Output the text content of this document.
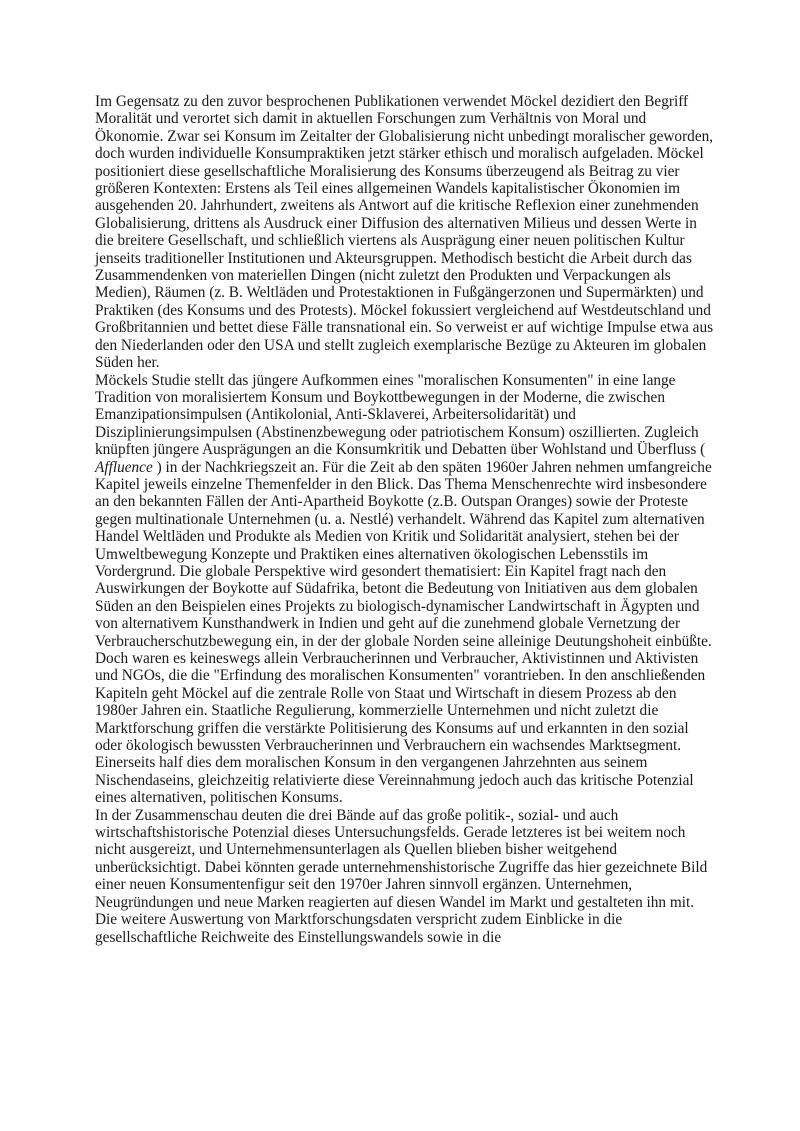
Im Gegensatz zu den zuvor besprochenen Publikationen verwendet Möckel dezidiert den Begriff Moralität und verortet sich damit in aktuellen Forschungen zum Verhältnis von Moral und Ökonomie. Zwar sei Konsum im Zeitalter der Globalisierung nicht unbedingt moralischer geworden, doch wurden individuelle Konsumpraktiken jetzt stärker ethisch und moralisch aufgeladen. Möckel positioniert diese gesellschaftliche Moralisierung des Konsums überzeugend als Beitrag zu vier größeren Kontexten: Erstens als Teil eines allgemeinen Wandels kapitalistischer Ökonomien im ausgehenden 20. Jahrhundert, zweitens als Antwort auf die kritische Reflexion einer zunehmenden Globalisierung, drittens als Ausdruck einer Diffusion des alternativen Milieus und dessen Werte in die breitere Gesellschaft, und schließlich viertens als Ausprägung einer neuen politischen Kultur jenseits traditioneller Institutionen und Akteursgruppen. Methodisch besticht die Arbeit durch das Zusammendenken von materiellen Dingen (nicht zuletzt den Produkten und Verpackungen als Medien), Räumen (z. B. Weltläden und Protestaktionen in Fußgängerzonen und Supermärkten) und Praktiken (des Konsums und des Protests). Möckel fokussiert vergleichend auf Westdeutschland und Großbritannien und bettet diese Fälle transnational ein. So verweist er auf wichtige Impulse etwa aus den Niederlanden oder den USA und stellt zugleich exemplarische Bezüge zu Akteuren im globalen Süden her.

Möckels Studie stellt das jüngere Aufkommen eines "moralischen Konsumenten" in eine lange Tradition von moralisiertem Konsum und Boykottbewegungen in der Moderne, die zwischen Emanzipationsimpulsen (Antikolonial, Anti-Sklaverei, Arbeitersolidarität) und Disziplinierungsimpulsen (Abstinenzbewegung oder patriotischem Konsum) oszillierten. Zugleich knüpften jüngere Ausprägungen an die Konsumkritik und Debatten über Wohlstand und Überfluss ( Affluence ) in der Nachkriegszeit an. Für die Zeit ab den späten 1960er Jahren nehmen umfangreiche Kapitel jeweils einzelne Themenfelder in den Blick. Das Thema Menschenrechte wird insbesondere an den bekannten Fällen der Anti-Apartheid Boykotte (z.B. Outspan Oranges) sowie der Proteste gegen multinationale Unternehmen (u. a. Nestlé) verhandelt. Während das Kapitel zum alternativen Handel Weltläden und Produkte als Medien von Kritik und Solidarität analysiert, stehen bei der Umweltbewegung Konzepte und Praktiken eines alternativen ökologischen Lebensstils im Vordergrund. Die globale Perspektive wird gesondert thematisiert: Ein Kapitel fragt nach den Auswirkungen der Boykotte auf Südafrika, betont die Bedeutung von Initiativen aus dem globalen Süden an den Beispielen eines Projekts zu biologisch-dynamischer Landwirtschaft in Ägypten und von alternativem Kunsthandwerk in Indien und geht auf die zunehmend globale Vernetzung der Verbraucherschutzbewegung ein, in der der globale Norden seine alleinige Deutungshoheit einbüßte.

Doch waren es keineswegs allein Verbraucherinnen und Verbraucher, Aktivistinnen und Aktivisten und NGOs, die die "Erfindung des moralischen Konsumenten" vorantrieben. In den anschließenden Kapiteln geht Möckel auf die zentrale Rolle von Staat und Wirtschaft in diesem Prozess ab den 1980er Jahren ein. Staatliche Regulierung, kommerzielle Unternehmen und nicht zuletzt die Marktforschung griffen die verstärkte Politisierung des Konsums auf und erkannten in den sozial oder ökologisch bewussten Verbraucherinnen und Verbrauchern ein wachsendes Marktsegment. Einerseits half dies dem moralischen Konsum in den vergangenen Jahrzehnten aus seinem Nischendaseins, gleichzeitig relativierte diese Vereinnahmung jedoch auch das kritische Potenzial eines alternativen, politischen Konsums.

In der Zusammenschau deuten die drei Bände auf das große politik-, sozial- und auch wirtschaftshistorische Potenzial dieses Untersuchungsfelds. Gerade letzteres ist bei weitem noch nicht ausgereizt, und Unternehmensunterlagen als Quellen blieben bisher weitgehend unberücksichtigt. Dabei könnten gerade unternehmenshistorische Zugriffe das hier gezeichnete Bild einer neuen Konsumentenfigur seit den 1970er Jahren sinnvoll ergänzen. Unternehmen, Neugründungen und neue Marken reagierten auf diesen Wandel im Markt und gestalteten ihn mit. Die weitere Auswertung von Marktforschungsdaten verspricht zudem Einblicke in die gesellschaftliche Reichweite des Einstellungswandels sowie in die
